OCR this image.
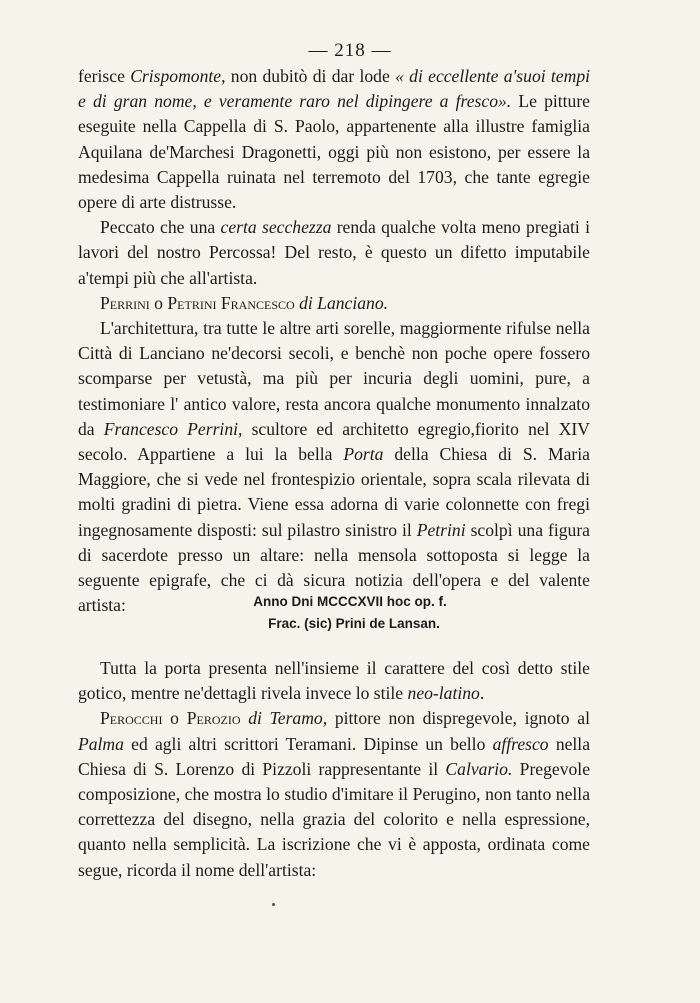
— 218 —

ferisce Crispomonte, non dubitò di dar lode « di eccellente a'suoi tempi e di gran nome, e veramente raro nel dipingere a fresco». Le pitture eseguite nella Cappella di S. Paolo, appartenente alla illustre famiglia Aquilana de'Marchesi Dragonetti, oggi più non esistono, per essere la medesima Cappella ruinata nel terremoto del 1703, che tante egregie opere di arte distrusse.

Peccato che una certa secchezza renda qualche volta meno pregiati i lavori del nostro Percossa! Del resto, è questo un difetto imputabile a'tempi più che all'artista.

Perrini o Petrini Francesco di Lanciano.

L'architettura, tra tutte le altre arti sorelle, maggiormente rifulse nella Città di Lanciano ne'decorsi secoli, e benchè non poche opere fossero scomparse per vetustà, ma più per incuria degli uomini, pure, a testimoniare l' antico valore, resta ancora qualche monumento innalzato da Francesco Perrini, scultore ed architetto egregio,fiorito nel XIV secolo. Appartiene a lui la bella Porta della Chiesa di S. Maria Maggiore, che si vede nel frontespizio orientale, sopra scala rilevata di molti gradini di pietra. Viene essa adorna di varie colonnette con fregi ingegnosamente disposti: sul pilastro sinistro il Petrini scolpì una figura di sacerdote presso un altare: nella mensola sottoposta si legge la seguente epigrafe, che ci dà sicura notizia dell'opera e del valente artista:	Anno Dni MCCCXVII hoc op. f.
Frac. (sic) Prini de Lansan.

Tutta la porta presenta nell'insieme il carattere del così detto stile gotico, mentre ne'dettagli rivela invece lo stile neo-latino.

Perocchi o Perozio di Teramo, pittore non dispregevole, ignoto al Palma ed agli altri scrittori Teramani. Dipinse un bello affresco nella Chiesa di S. Lorenzo di Pizzoli rappresentante il Calvario. Pregevole composizione, che mostra lo studio d'imitare il Perugino, non tanto nella correttezza del disegno, nella grazia del colorito e nella espressione, quanto nella semplicità. La iscrizione che vi è apposta, ordinata come segue, ricorda il nome dell'artista:
